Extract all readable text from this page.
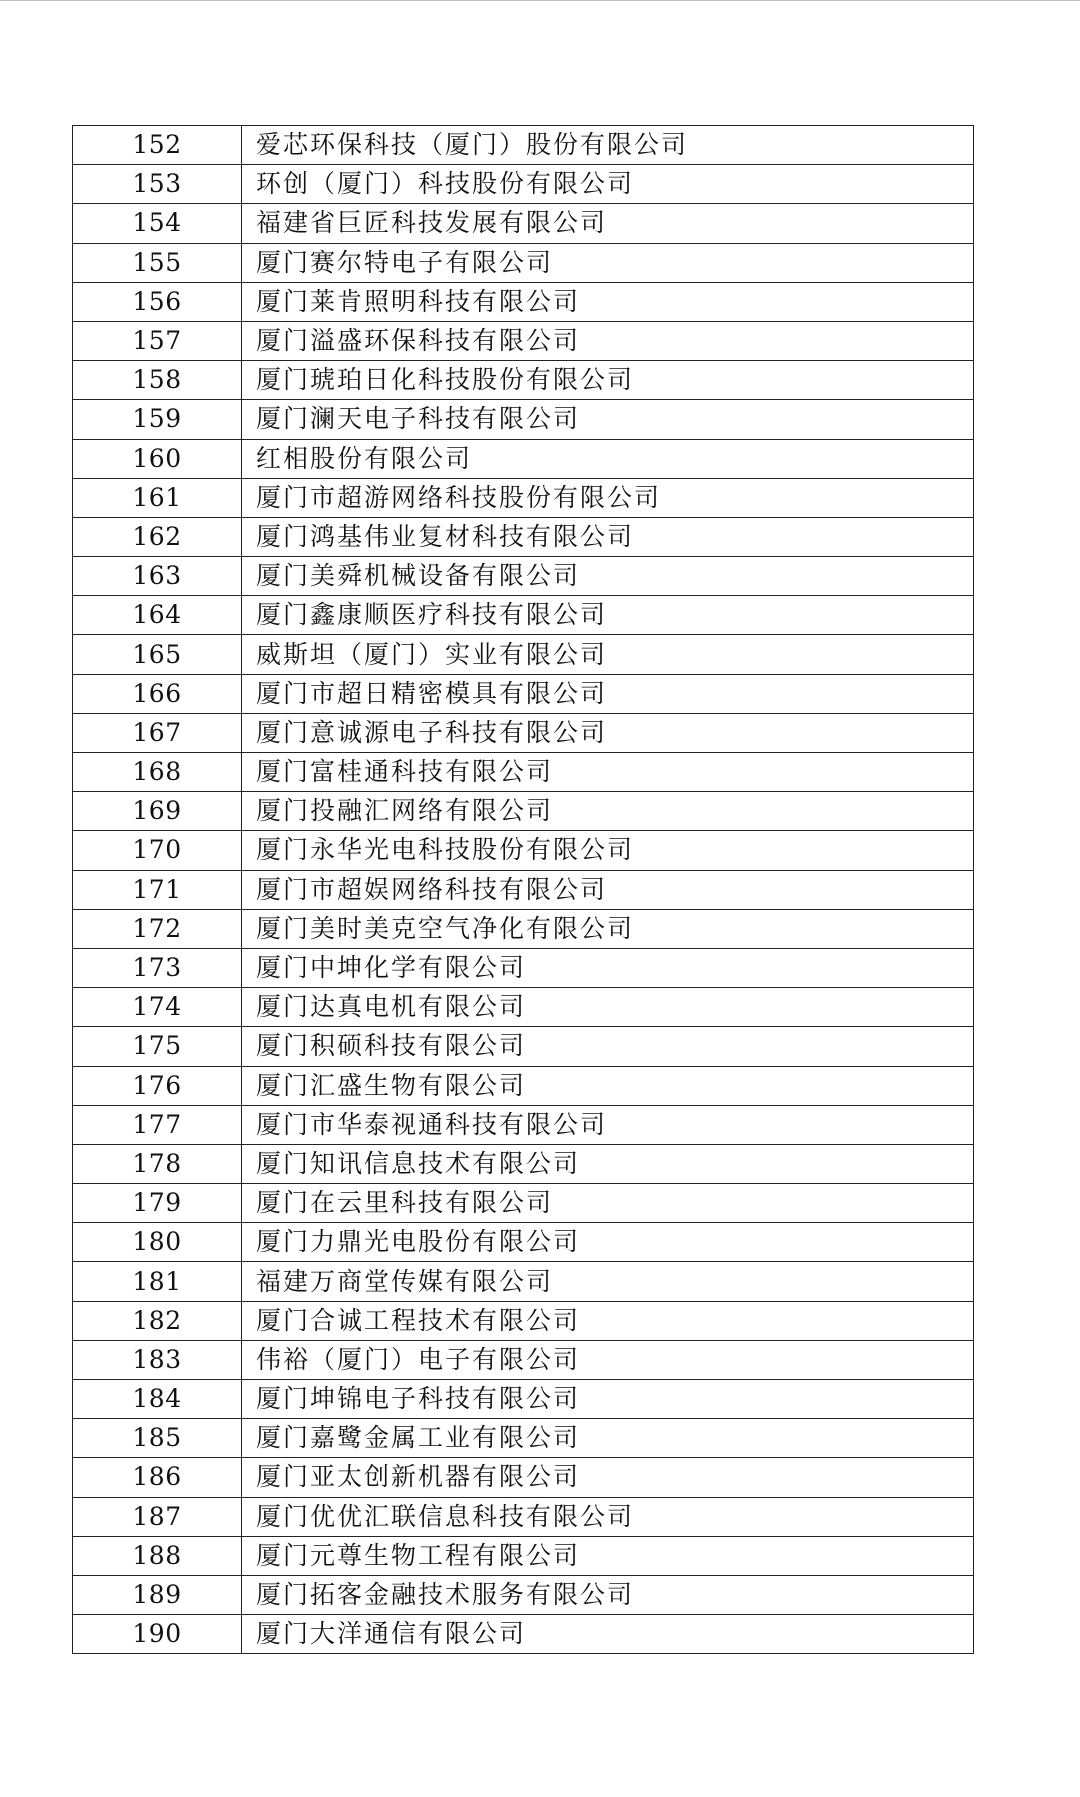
152	爱芯环保科技（厦门）股份有限公司
153	环创（厦门）科技股份有限公司
154	福建省巨匠科技发展有限公司
155	厦门赛尔特电子有限公司
156	厦门莱肯照明科技有限公司
157	厦门溢盛环保科技有限公司
158	厦门琥珀日化科技股份有限公司
159	厦门澜天电子科技有限公司
160	红相股份有限公司
161	厦门市超游网络科技股份有限公司
162	厦门鸿基伟业复材科技有限公司
163	厦门美舜机械设备有限公司
164	厦门鑫康顺医疗科技有限公司
165	威斯坦（厦门）实业有限公司
166	厦门市超日精密模具有限公司
167	厦门意诚源电子科技有限公司
168	厦门富桂通科技有限公司
169	厦门投融汇网络有限公司
170	厦门永华光电科技股份有限公司
171	厦门市超娱网络科技有限公司
172	厦门美时美克空气净化有限公司
173	厦门中坤化学有限公司
174	厦门达真电机有限公司
175	厦门积硕科技有限公司
176	厦门汇盛生物有限公司
177	厦门市华泰视通科技有限公司
178	厦门知讯信息技术有限公司
179	厦门在云里科技有限公司
180	厦门力鼎光电股份有限公司
181	福建万商堂传媒有限公司
182	厦门合诚工程技术有限公司
183	伟裕（厦门）电子有限公司
184	厦门坤锦电子科技有限公司
185	厦门嘉鹭金属工业有限公司
186	厦门亚太创新机器有限公司
187	厦门优优汇联信息科技有限公司
188	厦门元尊生物工程有限公司
189	厦门拓客金融技术服务有限公司
190	厦门大洋通信有限公司
